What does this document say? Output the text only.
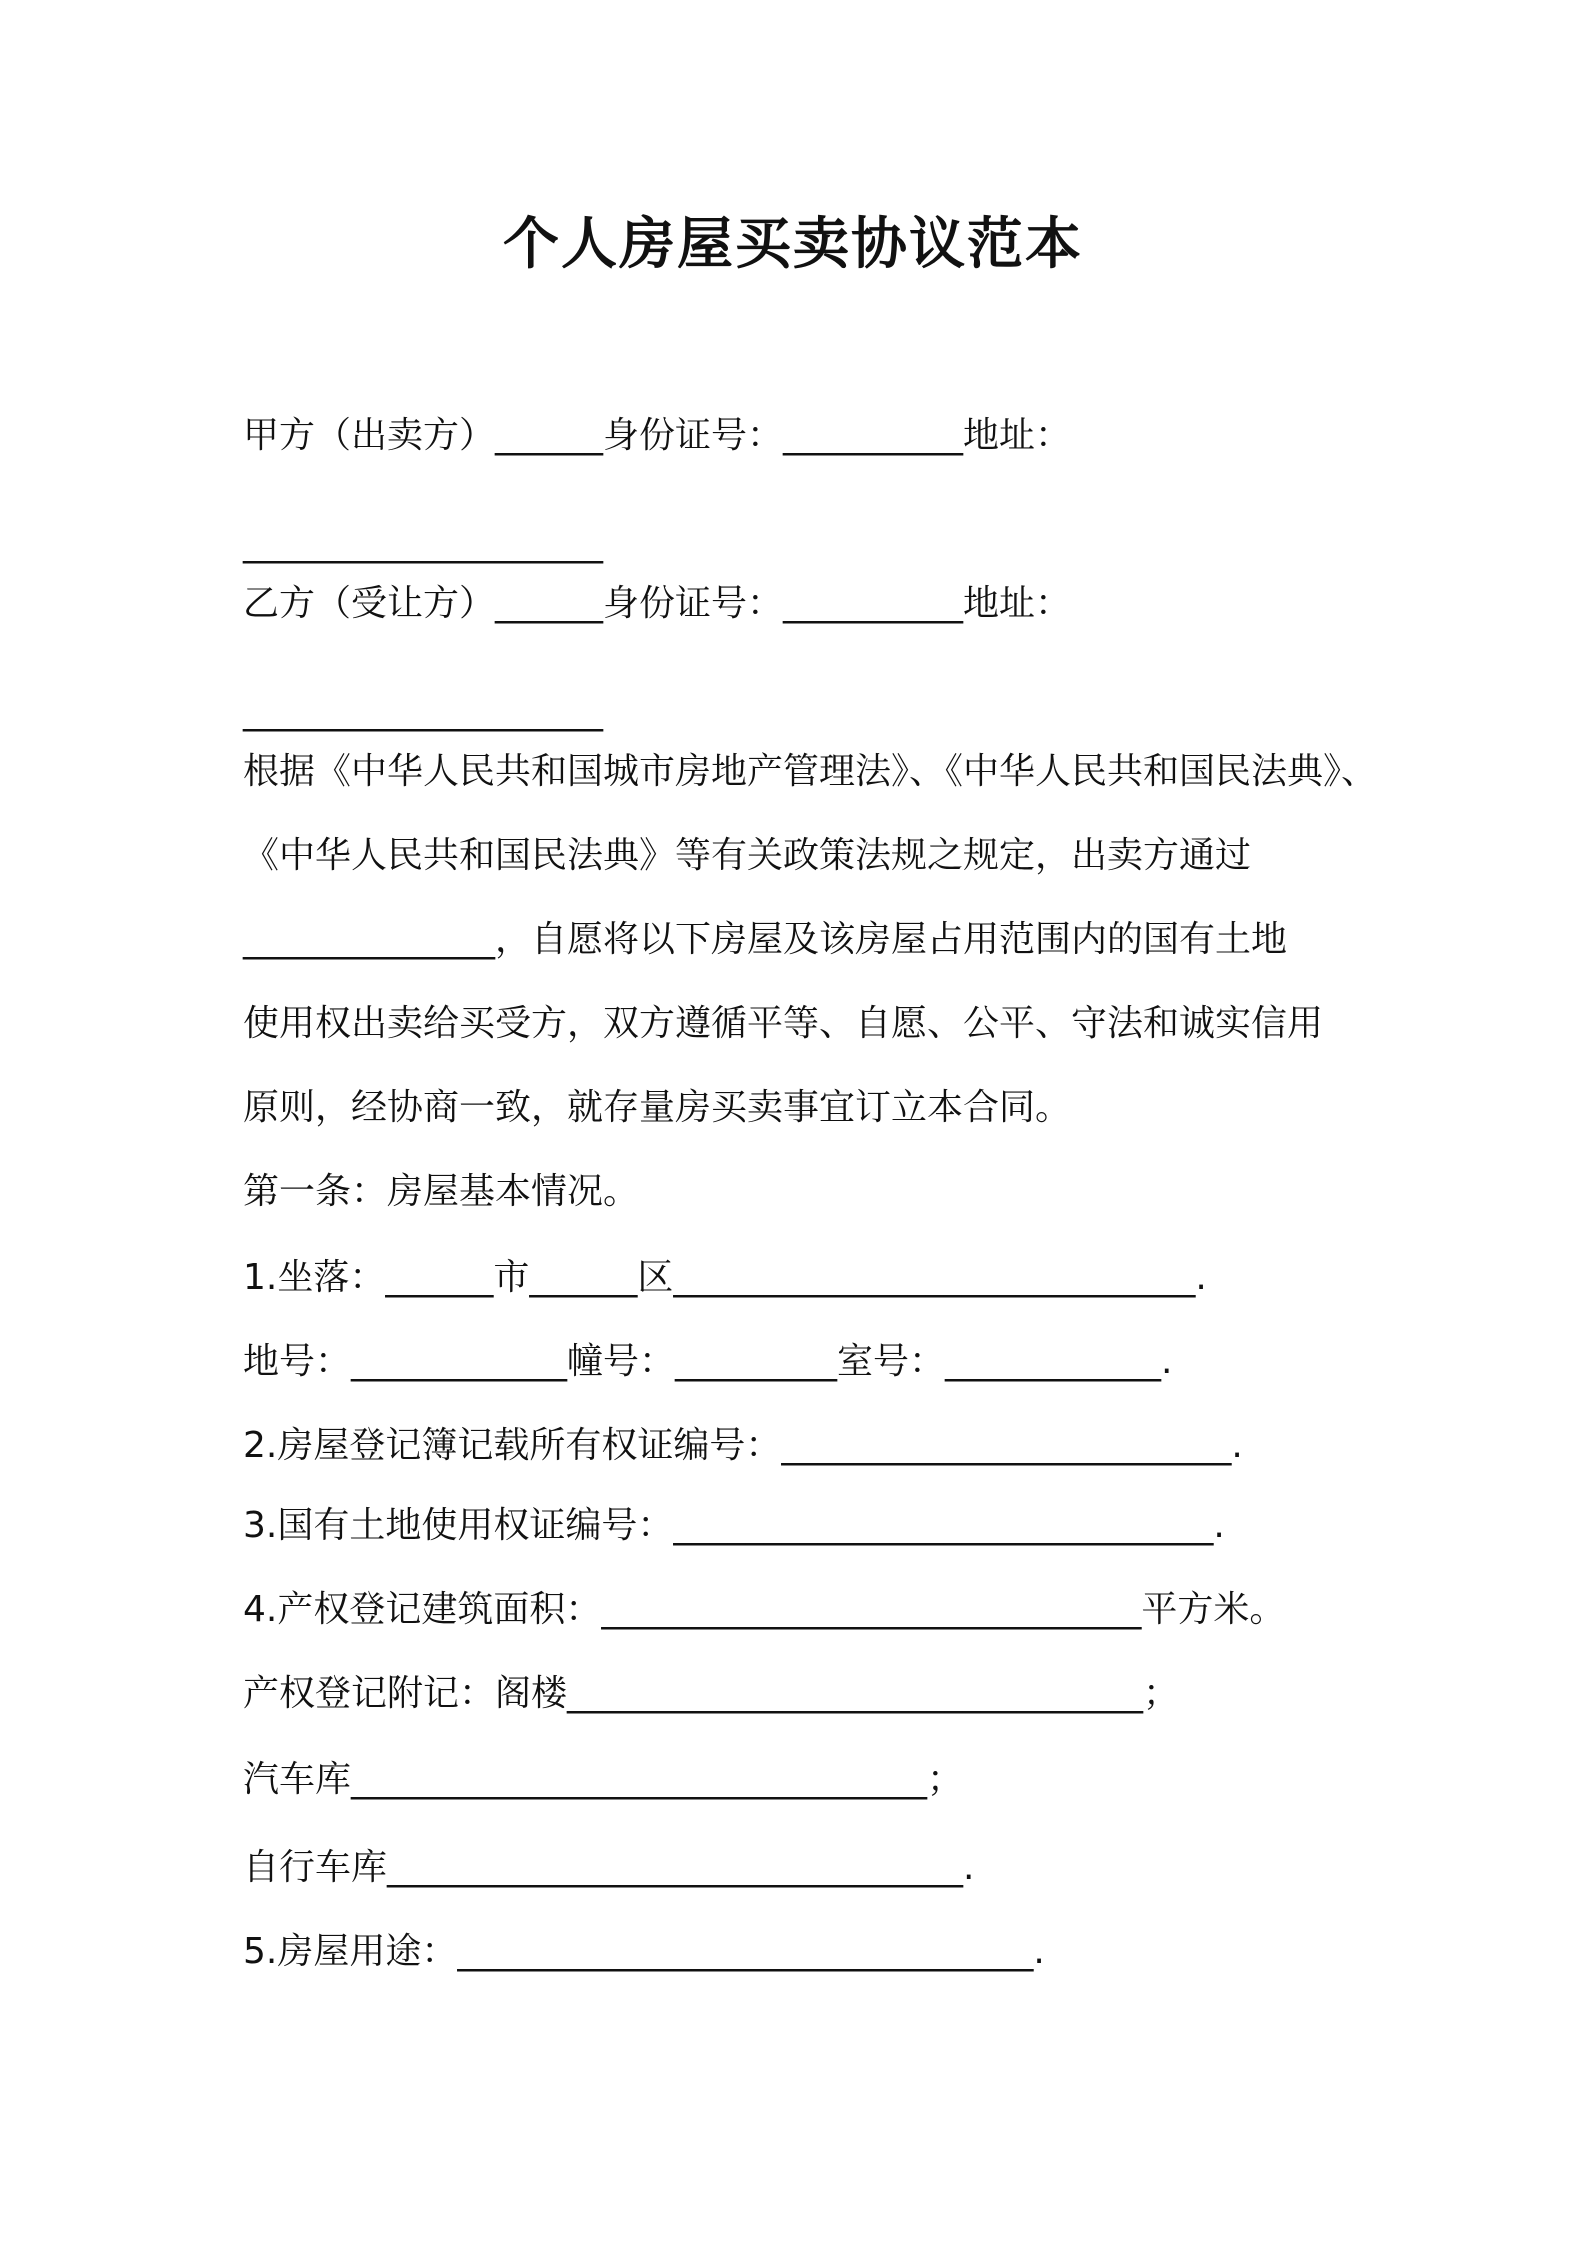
个人房屋买卖协议范本
甲方（出卖方）______身份证号：__________地址：
____________________
乙方（受让方）______身份证号：__________地址：
____________________
根据《中华人民共和国城市房地产管理法》、《中华人民共和国民法典》、
《中华人民共和国民法典》等有关政策法规之规定，出卖方通过
______________，自愿将以下房屋及该房屋占用范围内的国有土地
使用权出卖给买受方，双方遵循平等、自愿、公平、守法和诚实信用
原则，经协商一致，就存量房买卖事宜订立本合同。
第一条：房屋基本情况。
1.坐落：______市______区_____________________________.
地号：____________幢号：_________室号：____________.
2.房屋登记簿记载所有权证编号：_________________________.
3.国有土地使用权证编号：______________________________.
4.产权登记建筑面积：______________________________平方米。
产权登记附记：阁楼________________________________；
汽车库________________________________；
自行车库________________________________.
5.房屋用途：________________________________.
